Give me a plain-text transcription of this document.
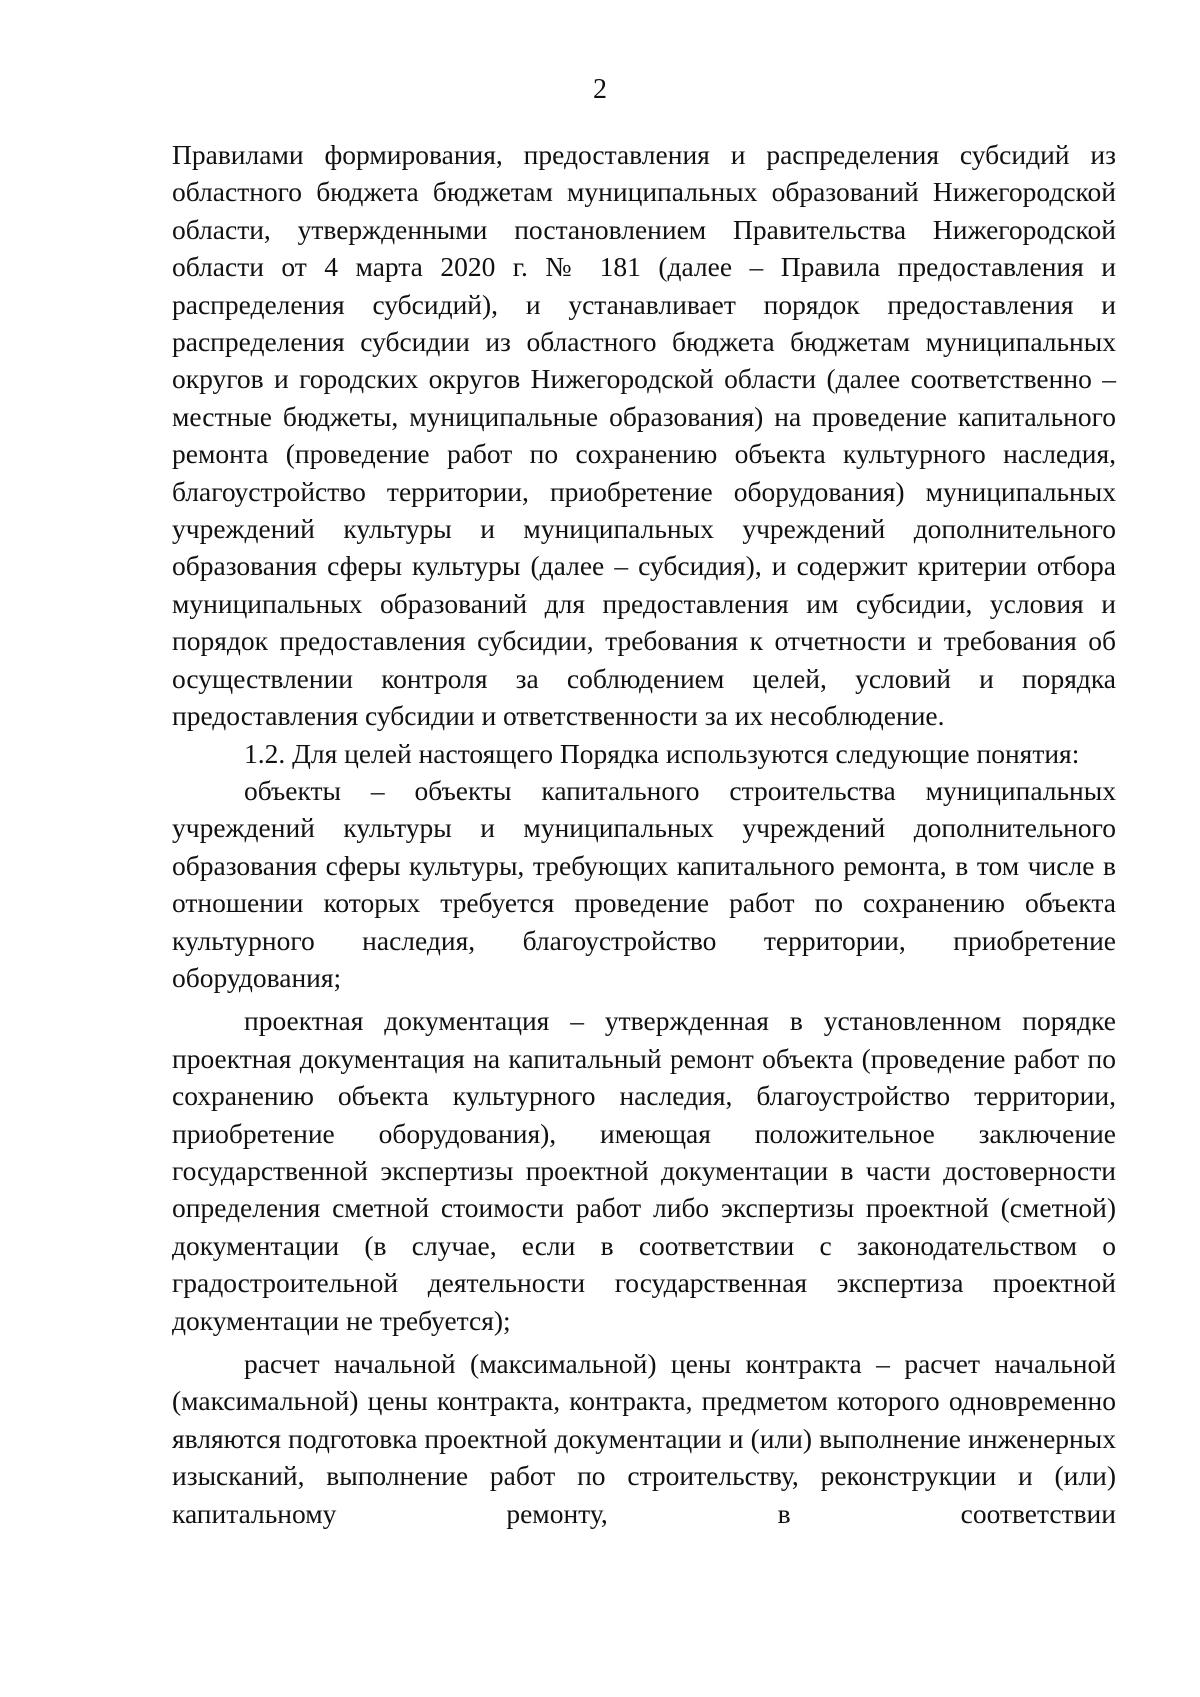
2

Правилами формирования, предоставления и распределения субсидий из областного бюджета бюджетам муниципальных образований Нижегородской области, утвержденными постановлением Правительства Нижегородской области от 4 марта 2020 г. № 181 (далее – Правила предоставления и распределения субсидий), и устанавливает порядок предоставления и распределения субсидии из областного бюджета бюджетам муниципальных округов и городских округов Нижегородской области (далее соответственно – местные бюджеты, муниципальные образования) на проведение капитального ремонта (проведение работ по сохранению объекта культурного наследия, благоустройство территории, приобретение оборудования) муниципальных учреждений культуры и муниципальных учреждений дополнительного образования сферы культуры (далее – субсидия), и содержит критерии отбора муниципальных образований для предоставления им субсидии, условия и порядок предоставления субсидии, требования к отчетности и требования об осуществлении контроля за соблюдением целей, условий и порядка предоставления субсидии и ответственности за их несоблюдение.

1.2. Для целей настоящего Порядка используются следующие понятия:

объекты – объекты капитального строительства муниципальных учреждений культуры и муниципальных учреждений дополнительного образования сферы культуры, требующих капитального ремонта, в том числе в отношении которых требуется проведение работ по сохранению объекта культурного наследия, благоустройство территории, приобретение оборудования;

проектная документация – утвержденная в установленном порядке проектная документация на капитальный ремонт объекта (проведение работ по сохранению объекта культурного наследия, благоустройство территории, приобретение оборудования), имеющая положительное заключение государственной экспертизы проектной документации в части достоверности определения сметной стоимости работ либо экспертизы проектной (сметной) документации (в случае, если в соответствии с законодательством о градостроительной деятельности государственная экспертиза проектной документации не требуется);

расчет начальной (максимальной) цены контракта – расчет начальной (максимальной) цены контракта, контракта, предметом которого одновременно являются подготовка проектной документации и (или) выполнение инженерных изысканий, выполнение работ по строительству, реконструкции и (или) капитальному ремонту, в соответствии
